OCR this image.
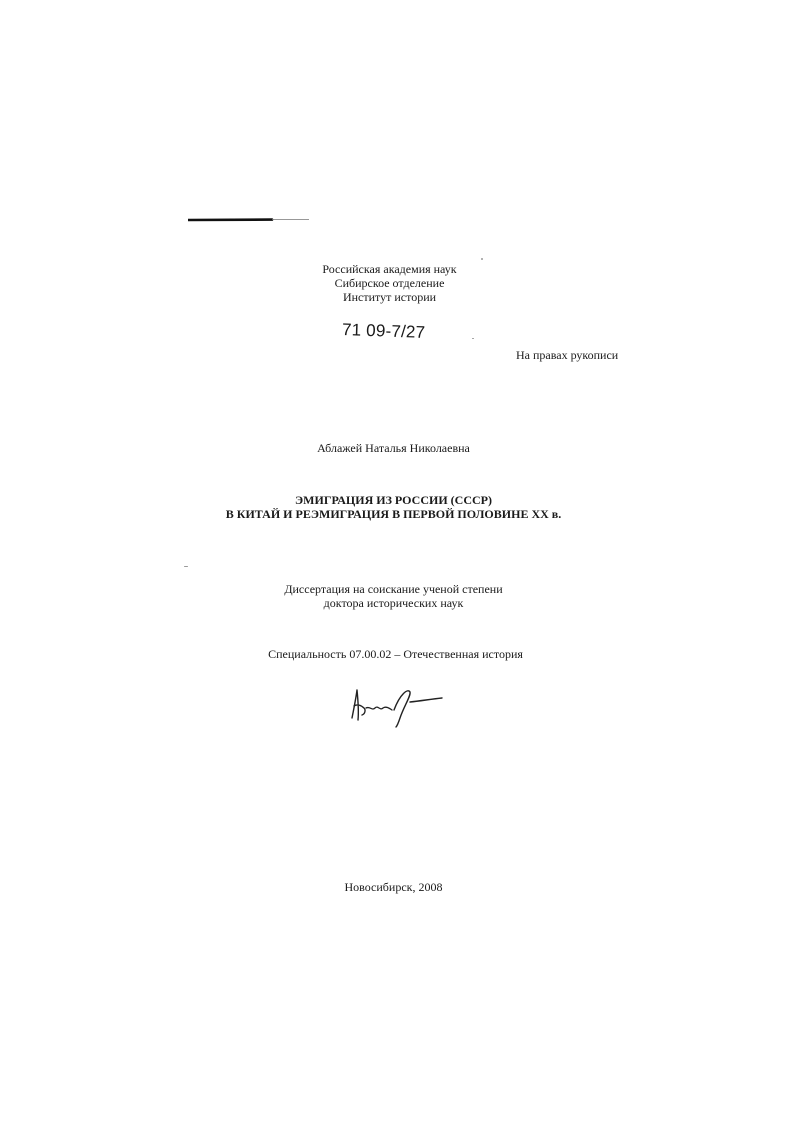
Российская академия наук
Сибирское отделение
Институт истории
71 09-7/27
На правах рукописи
Аблажей Наталья Николаевна
ЭМИГРАЦИЯ ИЗ РОССИИ (СССР)
В КИТАЙ И РЕЭМИГРАЦИЯ В ПЕРВОЙ ПОЛОВИНЕ XX в.
Диссертация на соискание ученой степени
доктора исторических наук
Специальность 07.00.02 – Отечественная история
Новосибирск, 2008
